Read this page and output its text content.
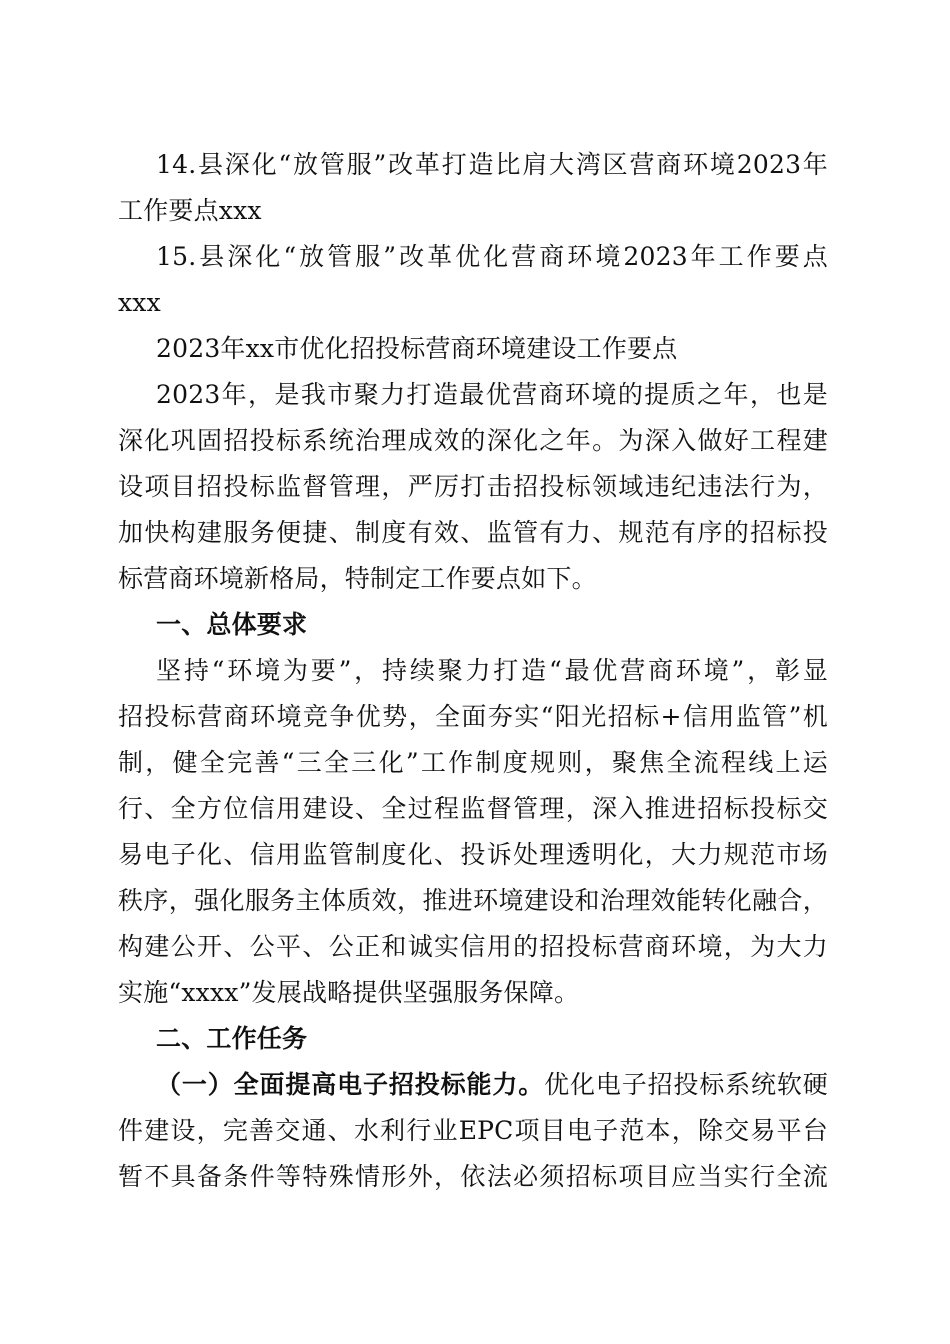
14.县深化“放管服”改革打造比肩大湾区营商环境2023年
工作要点xxx
15.县深化“放管服”改革优化营商环境2023年工作要点
xxx
2023年xx市优化招投标营商环境建设工作要点
2023年，是我市聚力打造最优营商环境的提质之年，也是
深化巩固招投标系统治理成效的深化之年。为深入做好工程建
设项目招投标监督管理，严厉打击招投标领域违纪违法行为，
加快构建服务便捷、制度有效、监管有力、规范有序的招标投
标营商环境新格局，特制定工作要点如下。
一、总体要求
坚持“环境为要”，持续聚力打造“最优营商环境”，彰显
招投标营商环境竞争优势，全面夯实“阳光招标+信用监管”机
制，健全完善“三全三化”工作制度规则，聚焦全流程线上运
行、全方位信用建设、全过程监督管理，深入推进招标投标交
易电子化、信用监管制度化、投诉处理透明化，大力规范市场
秩序，强化服务主体质效，推进环境建设和治理效能转化融合，
构建公开、公平、公正和诚实信用的招投标营商环境，为大力
实施“xxxx”发展战略提供坚强服务保障。
二、工作任务
（一）全面提高电子招投标能力。优化电子招投标系统软硬
件建设，完善交通、水利行业EPC项目电子范本，除交易平台
暂不具备条件等特殊情形外，依法必须招标项目应当实行全流
